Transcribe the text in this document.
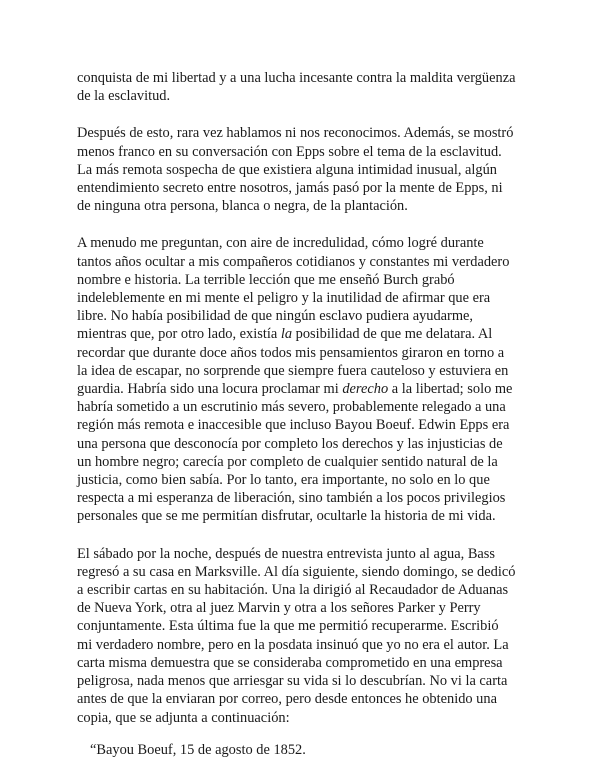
conquista de mi libertad y a una lucha incesante contra la maldita vergüenza
de la esclavitud.

Después de esto, rara vez hablamos ni nos reconocimos. Además, se mostró
menos franco en su conversación con Epps sobre el tema de la esclavitud.
La más remota sospecha de que existiera alguna intimidad inusual, algún
entendimiento secreto entre nosotros, jamás pasó por la mente de Epps, ni
de ninguna otra persona, blanca o negra, de la plantación.

A menudo me preguntan, con aire de incredulidad, cómo logré durante
tantos años ocultar a mis compañeros cotidianos y constantes mi verdadero
nombre e historia. La terrible lección que me enseñó Burch grabó
indeleblemente en mi mente el peligro y la inutilidad de afirmar que era
libre. No había posibilidad de que ningún esclavo pudiera ayudarme,
mientras que, por otro lado, existía la posibilidad de que me delatara. Al
recordar que durante doce años todos mis pensamientos giraron en torno a
la idea de escapar, no sorprende que siempre fuera cauteloso y estuviera en
guardia. Habría sido una locura proclamar mi derecho a la libertad; solo me
habría sometido a un escrutinio más severo, probablemente relegado a una
región más remota e inaccesible que incluso Bayou Boeuf. Edwin Epps era
una persona que desconocía por completo los derechos y las injusticias de
un hombre negro; carecía por completo de cualquier sentido natural de la
justicia, como bien sabía. Por lo tanto, era importante, no solo en lo que
respecta a mi esperanza de liberación, sino también a los pocos privilegios
personales que se me permitían disfrutar, ocultarle la historia de mi vida.

El sábado por la noche, después de nuestra entrevista junto al agua, Bass
regresó a su casa en Marksville. Al día siguiente, siendo domingo, se dedicó
a escribir cartas en su habitación. Una la dirigió al Recaudador de Aduanas
de Nueva York, otra al juez Marvin y otra a los señores Parker y Perry
conjuntamente. Esta última fue la que me permitió recuperarme. Escribió
mi verdadero nombre, pero en la posdata insinuó que yo no era el autor. La
carta misma demuestra que se consideraba comprometido en una empresa
peligrosa, nada menos que arriesgar su vida si lo descubrían. No vi la carta
antes de que la enviaran por correo, pero desde entonces he obtenido una
copia, que se adjunta a continuación:

“Bayou Boeuf, 15 de agosto de 1852.
